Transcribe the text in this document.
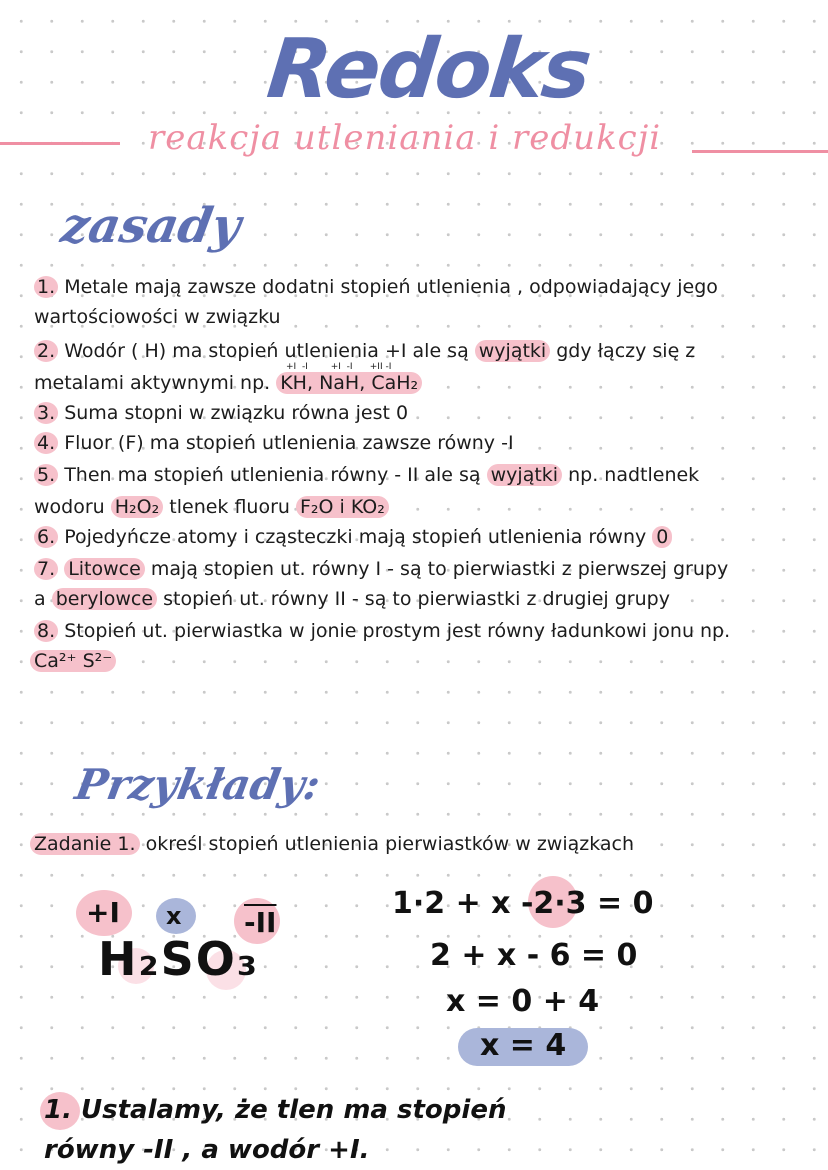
Redoks
reakcja utleniania i redukcji
zasady
1. Metale mają zawsze dodatni stopień utlenienia , odpowiadający jego
wartościowości w związku
2. Wodór ( H) ma stopień utlenienia +I ale są wyjątki gdy łączy się z
metalami aktywnymi np. KH, NaH, CaH₂
+I -I	+I -I +II -I
3. Suma stopni w związku równa jest 0
4. Fluor (F) ma stopień utlenienia zawsze równy -I
5. Then ma stopień utlenienia równy - II ale są wyjątki np. nadtlenek
wodoru H₂O₂ tlenek fluoru F₂O i KO₂
6. Pojedyńcze atomy i cząsteczki mają stopień utlenienia równy 0
7. Litowce mają stopien ut. równy I - są to pierwiastki z pierwszej grupy
a berylowce stopień ut. równy II - są to pierwiastki z drugiej grupy
8. Stopień ut. pierwiastka w jonie prostym jest równy ładunkowi jonu np.
Ca²⁺ S²⁻
Przykłady:
Zadanie 1. określ stopień utlenienia pierwiastków w związkach
+I x -II
H₂SO₃
1·2 + x -2·3 = 0
2 + x - 6 = 0
x = 0 + 4
x = 4
1. Ustalamy, że tlen ma stopień
równy -II , a wodór +I.
